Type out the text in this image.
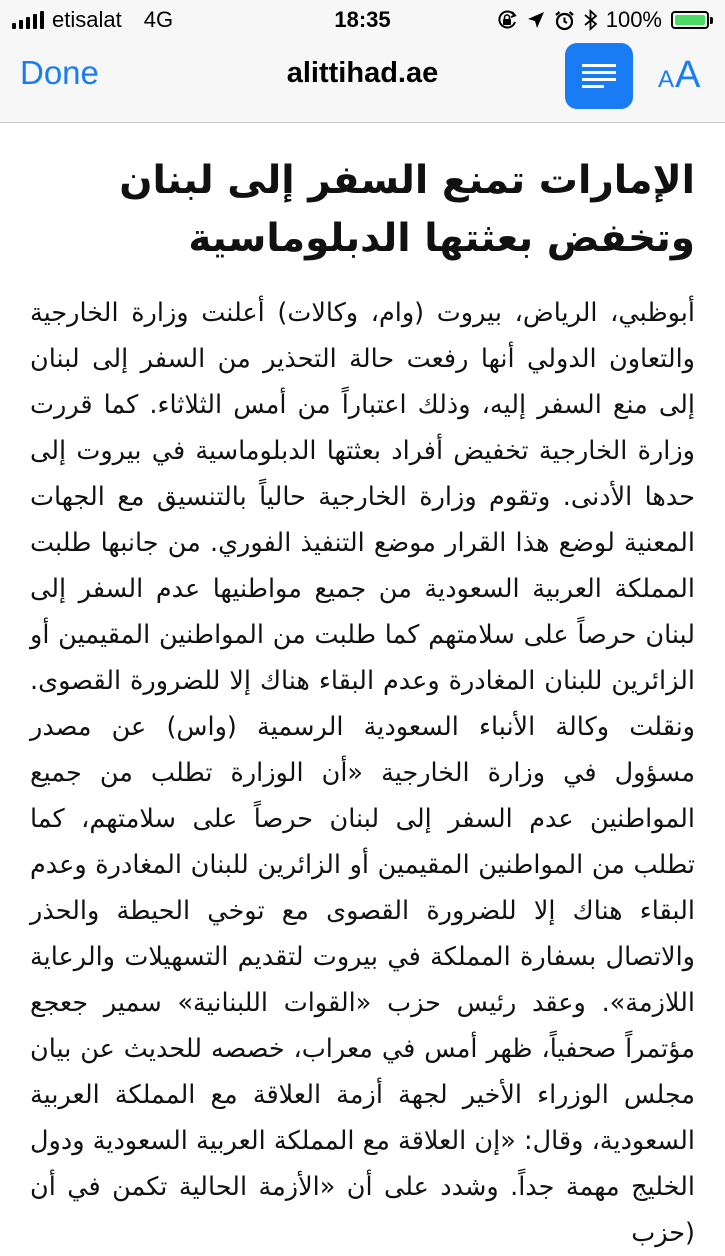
etisalat 4G	18:35	100%
Done	alittihad.ae	A A
الإمارات تمنع السفر إلى لبنان وتخفض بعثتها الدبلوماسية

أبوظبي، الرياض، بيروت (وام، وكالات) أعلنت وزارة الخارجية والتعاون الدولي أنها رفعت حالة التحذير من السفر إلى لبنان إلى منع السفر إليه، وذلك اعتباراً من أمس الثلاثاء. كما قررت وزارة الخارجية تخفيض أفراد بعثتها الدبلوماسية في بيروت إلى حدها الأدنى. وتقوم وزارة الخارجية حالياً بالتنسيق مع الجهات المعنية لوضع هذا القرار موضع التنفيذ الفوري. من جانبها طلبت المملكة العربية السعودية من جميع مواطنيها عدم السفر إلى لبنان حرصاً على سلامتهم كما طلبت من المواطنين المقيمين أو الزائرين للبنان المغادرة وعدم البقاء هناك إلا للضرورة القصوى. ونقلت وكالة الأنباء السعودية الرسمية (واس) عن مصدر مسؤول في وزارة الخارجية «أن الوزارة تطلب من جميع المواطنين عدم السفر إلى لبنان حرصاً على سلامتهم، كما تطلب من المواطنين المقيمين أو الزائرين للبنان المغادرة وعدم البقاء هناك إلا للضرورة القصوى مع توخي الحيطة والحذر والاتصال بسفارة المملكة في بيروت لتقديم التسهيلات والرعاية اللازمة». وعقد رئيس حزب «القوات اللبنانية» سمير جعجع مؤتمراً صحفياً، ظهر أمس في معراب، خصصه للحديث عن بيان مجلس الوزراء الأخير لجهة أزمة العلاقة مع المملكة العربية السعودية، وقال: «إن العلاقة مع المملكة العربية السعودية ودول الخليج مهمة جداً. وشدد على أن «الأزمة الحالية تكمن في أن (حزب
